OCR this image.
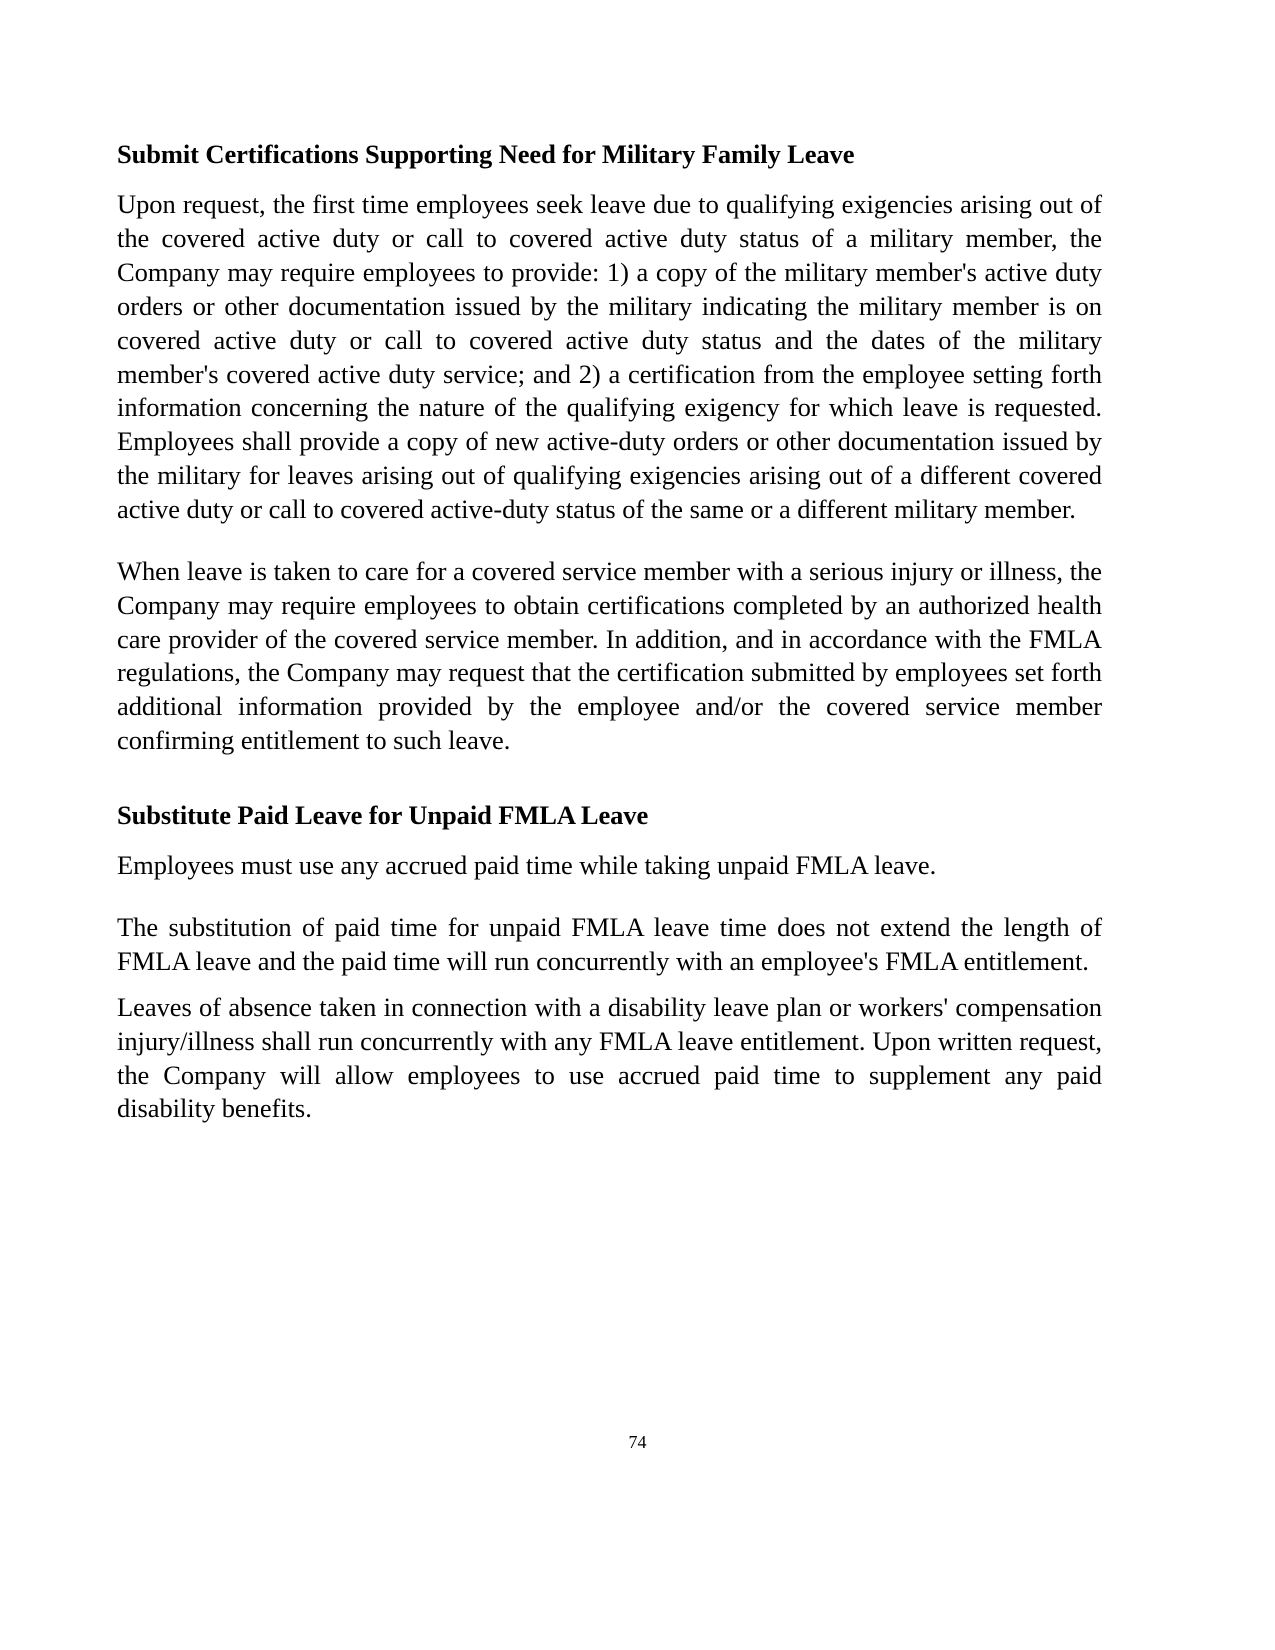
Submit Certifications Supporting Need for Military Family Leave

Upon request, the first time employees seek leave due to qualifying exigencies arising out of the covered active duty or call to covered active duty status of a military member, the Company may require employees to provide: 1) a copy of the military member's active duty orders or other documentation issued by the military indicating the military member is on covered active duty or call to covered active duty status and the dates of the military member's covered active duty service; and 2) a certification from the employee setting forth information concerning the nature of the qualifying exigency for which leave is requested. Employees shall provide a copy of new active-duty orders or other documentation issued by the military for leaves arising out of qualifying exigencies arising out of a different covered active duty or call to covered active-duty status of the same or a different military member.

When leave is taken to care for a covered service member with a serious injury or illness, the Company may require employees to obtain certifications completed by an authorized health care provider of the covered service member. In addition, and in accordance with the FMLA regulations, the Company may request that the certification submitted by employees set forth additional information provided by the employee and/or the covered service member confirming entitlement to such leave.

Substitute Paid Leave for Unpaid FMLA Leave

Employees must use any accrued paid time while taking unpaid FMLA leave.

The substitution of paid time for unpaid FMLA leave time does not extend the length of FMLA leave and the paid time will run concurrently with an employee's FMLA entitlement.

Leaves of absence taken in connection with a disability leave plan or workers' compensation injury/illness shall run concurrently with any FMLA leave entitlement. Upon written request, the Company will allow employees to use accrued paid time to supplement any paid disability benefits.

74
